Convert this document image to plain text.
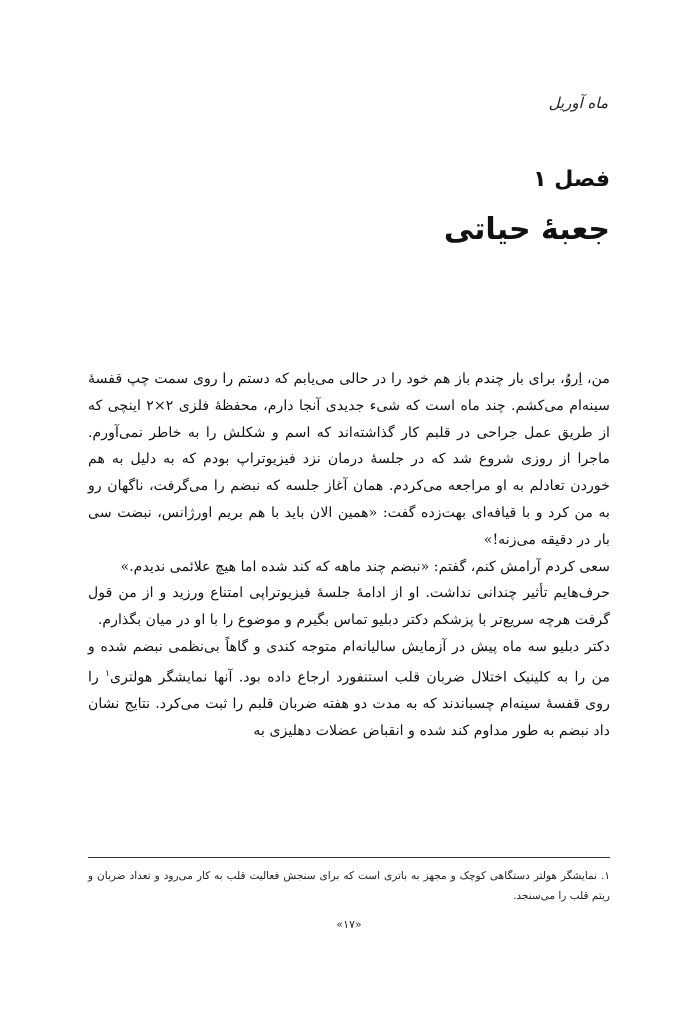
ماه آوریل
فصل ۱
جعبهٔ حیاتی

من، اِروُ، برای بار چندم باز هم خود را در حالی می‌یابم که دستم را روی سمت چپ قفسهٔ سینه‌ام می‌کشم. چند ماه است که شیء جدیدی آنجا دارم، محفظهٔ فلزی ۲×۲ اینچی که از طریق عمل جراحی در قلبم کار گذاشته‌اند که اسم و شکلش را به خاطر نمی‌آورم. ماجرا از روزی شروع شد که در جلسهٔ درمان نزد فیزیوتراپ بودم که به دلیل به هم خوردن تعادلم به او مراجعه می‌کردم. همان آغاز جلسه که نبضم را می‌گرفت، ناگهان رو به من کرد و با قیافه‌ای بهت‌زده گفت: «همین الان باید با هم بریم اورژانس، نبضت سی بار در دقیقه می‌زنه!»

سعی کردم آرامش کنم، گفتم: «نبضم چند ماهه که کند شده اما هیچ علائمی ندیدم.»

حرف‌هایم تأثیر چندانی نداشت. او از ادامهٔ جلسهٔ فیزیوتراپی امتناع ورزید و از من قول گرفت هرچه سریع‌تر با پزشکم دکتر دبلیو تماس بگیرم و موضوع را با او در میان بگذارم.

دکتر دبلیو سه ماه پیش در آزمایش سالیانه‌ام متوجه کندی و گاهاً بی‌نظمی نبضم شده و من را به کلینیک اختلال ضربان قلب استنفورد ارجاع داده بود. آنها نمایشگر هولتری$^۱$ را روی قفسهٔ سینه‌ام چسباندند که به مدت دو هفته ضربان قلبم را ثبت می‌کرد. نتایج نشان داد نبضم به طور مداوم کند شده و انقباض عضلات دهلیزی به

۱. نمایشگر هولتر دستگاهی کوچک و مجهز به باتری است که برای سنجش فعالیت قلب به کار می‌رود و تعداد ضربان و ریتم قلب را می‌سنجد.
«۱۷»
